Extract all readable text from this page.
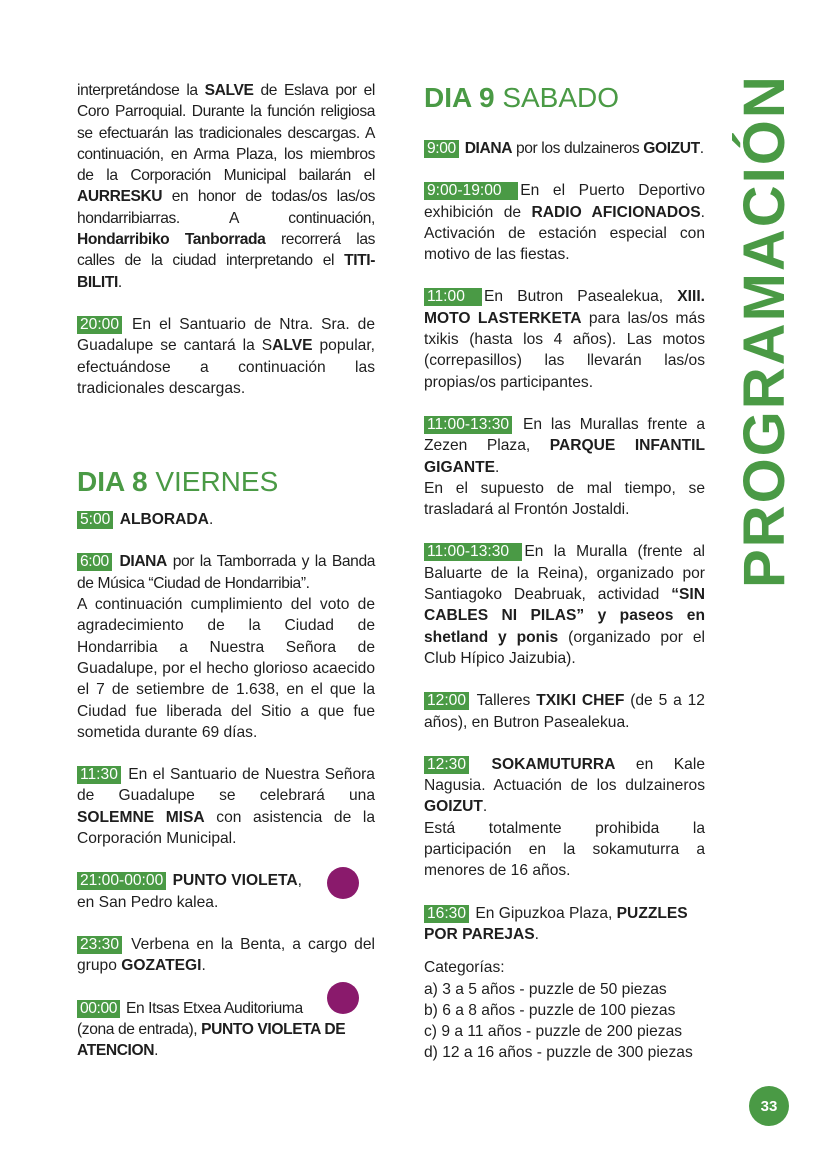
interpretándose la SALVE de Eslava por el Coro Parroquial. Durante la función religiosa se efectuarán las tradicionales descargas. A continuación, en Arma Plaza, los miembros de la Corporación Municipal bailarán el AURRESKU en honor de todas/os las/os hondarribiarras. A continuación, Hondarribiko Tanborrada recorrerá las calles de la ciudad interpretando el TITI-BILITI.

20:00 En el Santuario de Ntra. Sra. de Guadalupe se cantará la SALVE popular, efectuándose a continuación las tradicionales descargas.

DIA 8 VIERNES

5:00 ALBORADA.

6:00 DIANA por la Tamborrada y la Banda de Música “Ciudad de Hondarribia”.

A continuación cumplimiento del voto de agradecimiento de la Ciudad de Hondarribia a Nuestra Señora de Guadalupe, por el hecho glorioso acaecido el 7 de setiembre de 1.638, en el que la Ciudad fue liberada del Sitio a que fue sometida durante 69 días.

11:30 En el Santuario de Nuestra Señora de Guadalupe se celebrará una SOLEMNE MISA con asistencia de la Corporación Municipal.

21:00-00:00 PUNTO VIOLETA,
en San Pedro kalea.

23:30 Verbena en la Benta, a cargo del grupo GOZATEGI.

00:00 En Itsas Etxea Auditoriuma
(zona de entrada), PUNTO VIOLETA DE ATENCION.

DIA 9 SABADO

9:00 DIANA por los dulzaineros GOIZUT.

9:00-19:00 En el Puerto Deportivo exhibición de RADIO AFICIONADOS. Activación de estación especial con motivo de las fiestas.

11:00 En Butron Pasealekua, XIII. MOTO LASTERKETA para las/os más txikis (hasta los 4 años). Las motos (correpasillos) las llevarán las/os propias/os participantes.

11:00-13:30 En las Murallas frente a Zezen Plaza, PARQUE INFANTIL GIGANTE.
En el supuesto de mal tiempo, se trasladará al Frontón Jostaldi.

11:00-13:30 En la Muralla (frente al Baluarte de la Reina), organizado por Santiagoko Deabruak, actividad “SIN CABLES NI PILAS” y paseos en shetland y ponis (organizado por el Club Hípico Jaizubia).

12:00 Talleres TXIKI CHEF (de 5 a 12 años), en Butron Pasealekua.

12:30 SOKAMUTURRA en Kale Nagusia. Actuación de los dulzaineros GOIZUT.
Está totalmente prohibida la participación en la sokamuturra a menores de 16 años.

16:30 En Gipuzkoa Plaza, PUZZLES POR PAREJAS.

Categorías:

a) 3 a 5 años - puzzle de 50 piezas

b) 6 a 8 años - puzzle de 100 piezas

c) 9 a 11 años - puzzle de 200 piezas

d) 12 a 16 años - puzzle de 300 piezas

PROGRAMACIÓN
33
